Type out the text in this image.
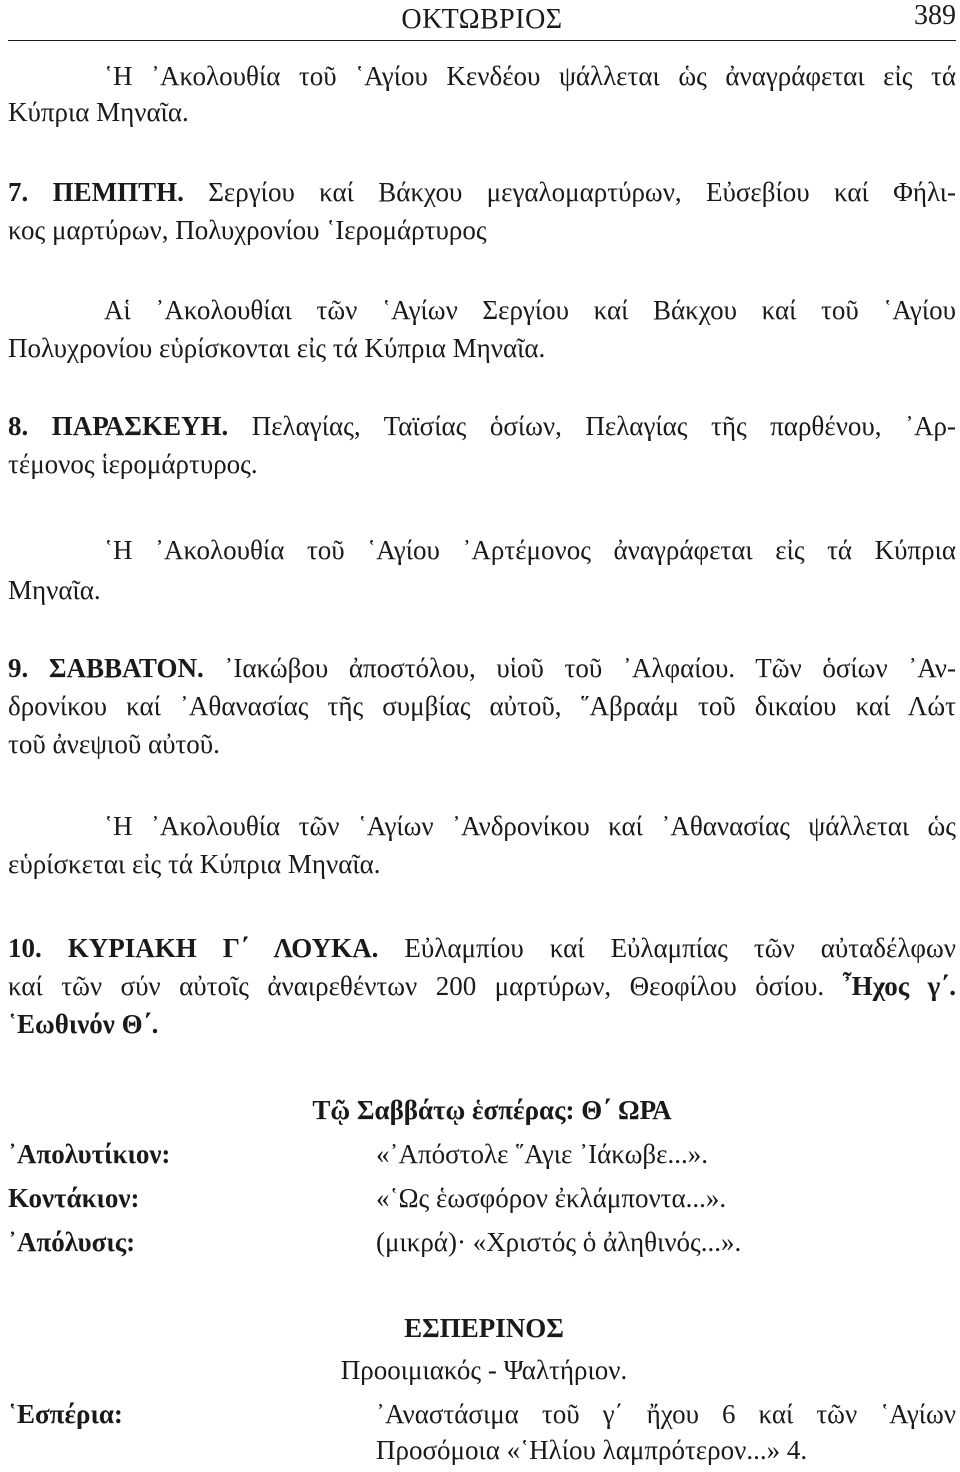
ΟΚΤΩΒΡΙΟΣ	389
῾Η ᾿Ακολουθία τοῦ ῾Αγίου Κενδέου ψάλλεται ὡς ἀναγράφεται εἰς τά
Κύπρια Μηναῖα.
7. ΠΕΜΠΤΗ. Σεργίου καί Βάκχου μεγαλομαρτύρων, Εὐσεβίου καί Φήλι-
κος μαρτύρων, Πολυχρονίου ῾Ιερομάρτυρος
Αἱ ᾿Ακολουθίαι τῶν ῾Αγίων Σεργίου καί Βάκχου καί τοῦ ῾Αγίου
Πολυχρονίου εὑρίσκονται εἰς τά Κύπρια Μηναῖα.
8. ΠΑΡΑΣΚΕΥΗ. Πελαγίας, Ταϊσίας ὁσίων, Πελαγίας τῆς παρθένου, ᾿Αρ-
τέμονος ἱερομάρτυρος.
῾Η ᾿Ακολουθία τοῦ ῾Αγίου ᾿Αρτέμονος ἀναγράφεται εἰς τά Κύπρια
Μηναῖα.
9. ΣΑΒΒΑΤΟΝ. ᾿Ιακώβου ἀποστόλου, υἱοῦ τοῦ ᾿Αλφαίου. Τῶν ὁσίων ᾿Αν-
δρονίκου καί ᾿Αθανασίας τῆς συμβίας αὐτοῦ, ῞Αβραάμ τοῦ δικαίου καί Λώτ
τοῦ ἀνεψιοῦ αὐτοῦ.
῾Η ᾿Ακολουθία τῶν ῾Αγίων ᾿Ανδρονίκου καί ᾿Αθανασίας ψάλλεται ὡς
εὑρίσκεται εἰς τά Κύπρια Μηναῖα.
10. ΚΥΡΙΑΚΗ Γ΄ ΛΟΥΚΑ. Εὐλαμπίου καί Εὐλαμπίας τῶν αὐταδέλφων
καί τῶν σύν αὐτοῖς ἀναιρεθέντων 200 μαρτύρων, Θεοφίλου ὁσίου. ῏Ηχος γ΄.
῾Εωθινόν Θ΄.
Τῷ Σαββάτῳ ἑσπέρας: Θ΄ ΩΡΑ
᾿Απολυτίκιον:	«᾿Απόστολε ῞Αγιε ᾿Ιάκωβε...».
Κοντάκιον:	«῾Ως ἑωσφόρον ἐκλάμποντα...».
᾿Απόλυσις:	(μικρά)· «Χριστός ὁ ἀληθινός...».
ΕΣΠΕΡΙΝΟΣ
Προοιμιακός - Ψαλτήριον.
῾Εσπέρια:	᾿Αναστάσιμα τοῦ γ΄ ἤχου 6 καί τῶν ῾Αγίων
Προσόμοια «῾Ηλίου λαμπρότερον...» 4.
